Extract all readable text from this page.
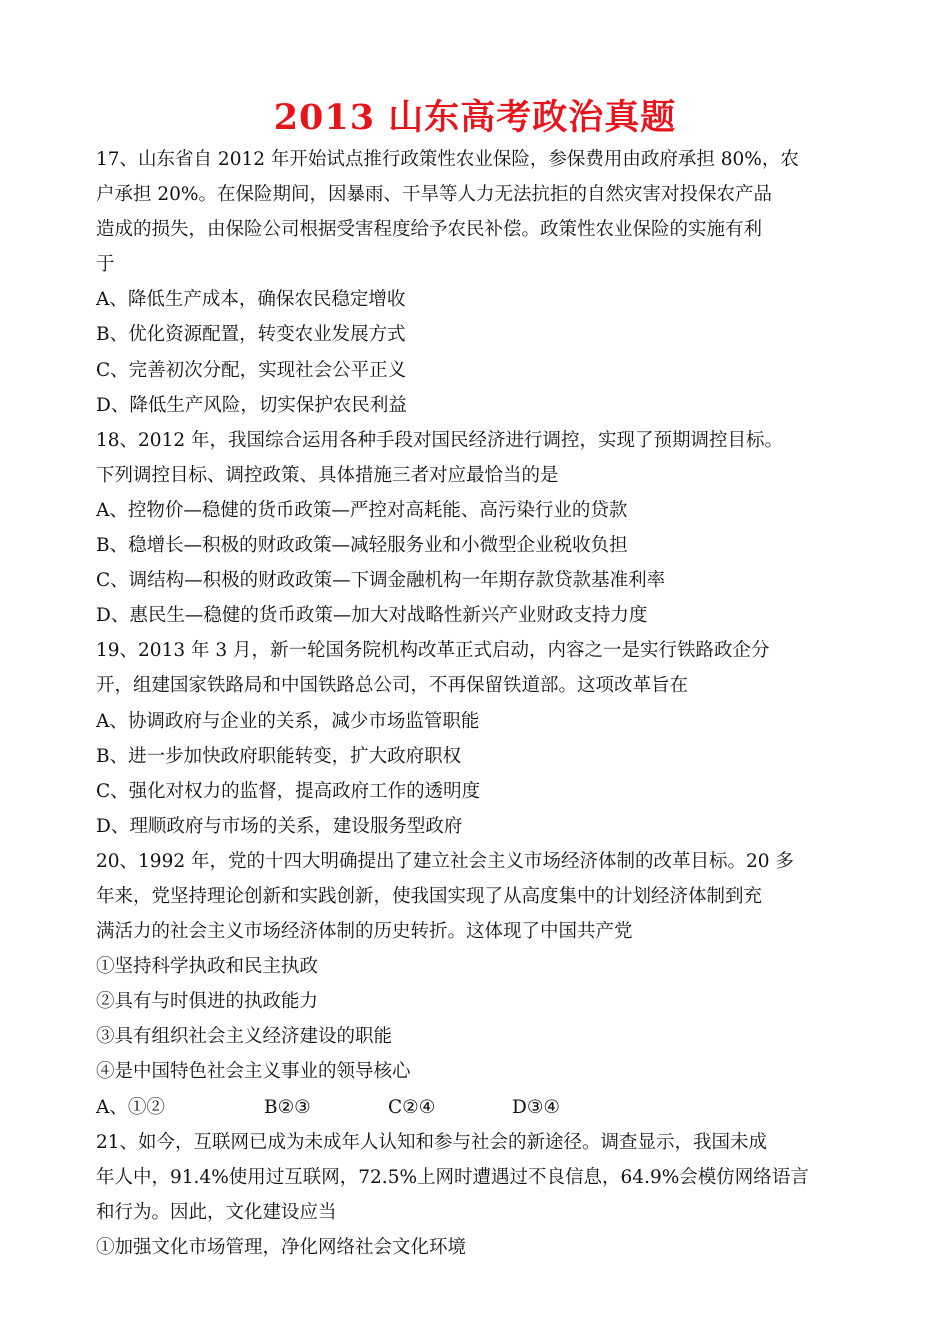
2013 山东高考政治真题
17、山东省自 2012 年开始试点推行政策性农业保险，参保费用由政府承担 80%，农
户承担 20%。在保险期间，因暴雨、干旱等人力无法抗拒的自然灾害对投保农产品
造成的损失，由保险公司根据受害程度给予农民补偿。政策性农业保险的实施有利
于
A、降低生产成本，确保农民稳定增收
B、优化资源配置，转变农业发展方式
C、完善初次分配，实现社会公平正义
D、降低生产风险，切实保护农民利益
18、2012 年，我国综合运用各种手段对国民经济进行调控，实现了预期调控目标。
下列调控目标、调控政策、具体措施三者对应最恰当的是
A、控物价—稳健的货币政策—严控对高耗能、高污染行业的贷款
B、稳增长—积极的财政政策—减轻服务业和小微型企业税收负担
C、调结构—积极的财政政策—下调金融机构一年期存款贷款基准利率
D、惠民生—稳健的货币政策—加大对战略性新兴产业财政支持力度
19、2013 年 3 月，新一轮国务院机构改革正式启动，内容之一是实行铁路政企分
开，组建国家铁路局和中国铁路总公司，不再保留铁道部。这项改革旨在
A、协调政府与企业的关系，减少市场监管职能
B、进一步加快政府职能转变，扩大政府职权
C、强化对权力的监督，提高政府工作的透明度
D、理顺政府与市场的关系，建设服务型政府
20、1992 年，党的十四大明确提出了建立社会主义市场经济体制的改革目标。20 多
年来，党坚持理论创新和实践创新，使我国实现了从高度集中的计划经济体制到充
满活力的社会主义市场经济体制的历史转折。这体现了中国共产党
①坚持科学执政和民主执政
②具有与时俱进的执政能力
③具有组织社会主义经济建设的职能
④是中国特色社会主义事业的领导核心
A、①②	B②③	C②④	D③④
21、如今，互联网已成为未成年人认知和参与社会的新途径。调查显示，我国未成
年人中，91.4%使用过互联网，72.5%上网时遭遇过不良信息，64.9%会模仿网络语言
和行为。因此，文化建设应当
①加强文化市场管理，净化网络社会文化环境
